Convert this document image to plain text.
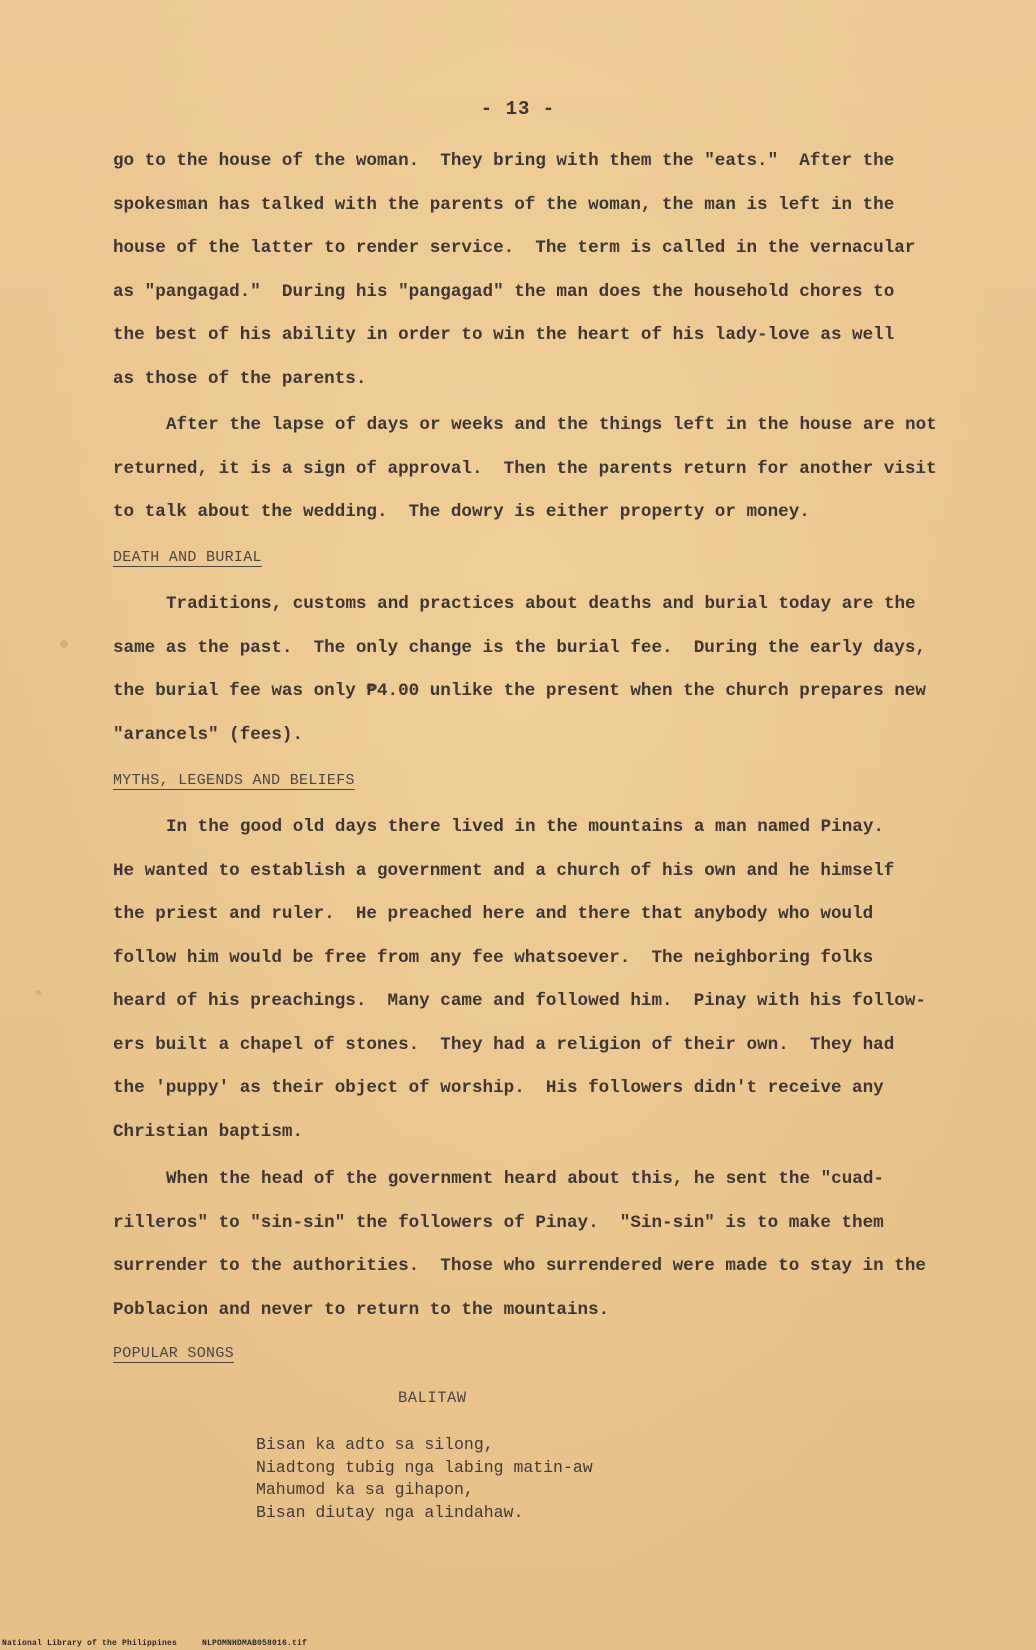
- 13 -
go to the house of the woman.  They bring with them the "eats."  After the
spokesman has talked with the parents of the woman, the man is left in the
house of the latter to render service.  The term is called in the vernacular
as "pangagad."  During his "pangagad" the man does the household chores to
the best of his ability in order to win the heart of his lady-love as well
as those of the parents.
After the lapse of days or weeks and the things left in the house are not
returned, it is a sign of approval.  Then the parents return for another visit
to talk about the wedding.  The dowry is either property or money.
DEATH AND BURIAL
Traditions, customs and practices about deaths and burial today are the
same as the past.  The only change is the burial fee.  During the early days,
the burial fee was only ₱4.00 unlike the present when the church prepares new
"arancels" (fees).
MYTHS, LEGENDS AND BELIEFS
In the good old days there lived in the mountains a man named Pinay.
He wanted to establish a government and a church of his own and he himself
the priest and ruler.  He preached here and there that anybody who would
follow him would be free from any fee whatsoever.  The neighboring folks
heard of his preachings.  Many came and followed him.  Pinay with his follow-
ers built a chapel of stones.  They had a religion of their own.  They had
the 'puppy' as their object of worship.  His followers didn't receive any
Christian baptism.
When the head of the government heard about this, he sent the "cuad-
rilleros" to "sin-sin" the followers of Pinay.  "Sin-sin" is to make them
surrender to the authorities.  Those who surrendered were made to stay in the
Poblacion and never to return to the mountains.
POPULAR SONGS
BALITAW
Bisan ka adto sa silong,
Niadtong tubig nga labing matin-aw
Mahumod ka sa gihapon,
Bisan diutay nga alindahaw.
National Library of the Philippines	NLPOMNHDMAB058016.tif
